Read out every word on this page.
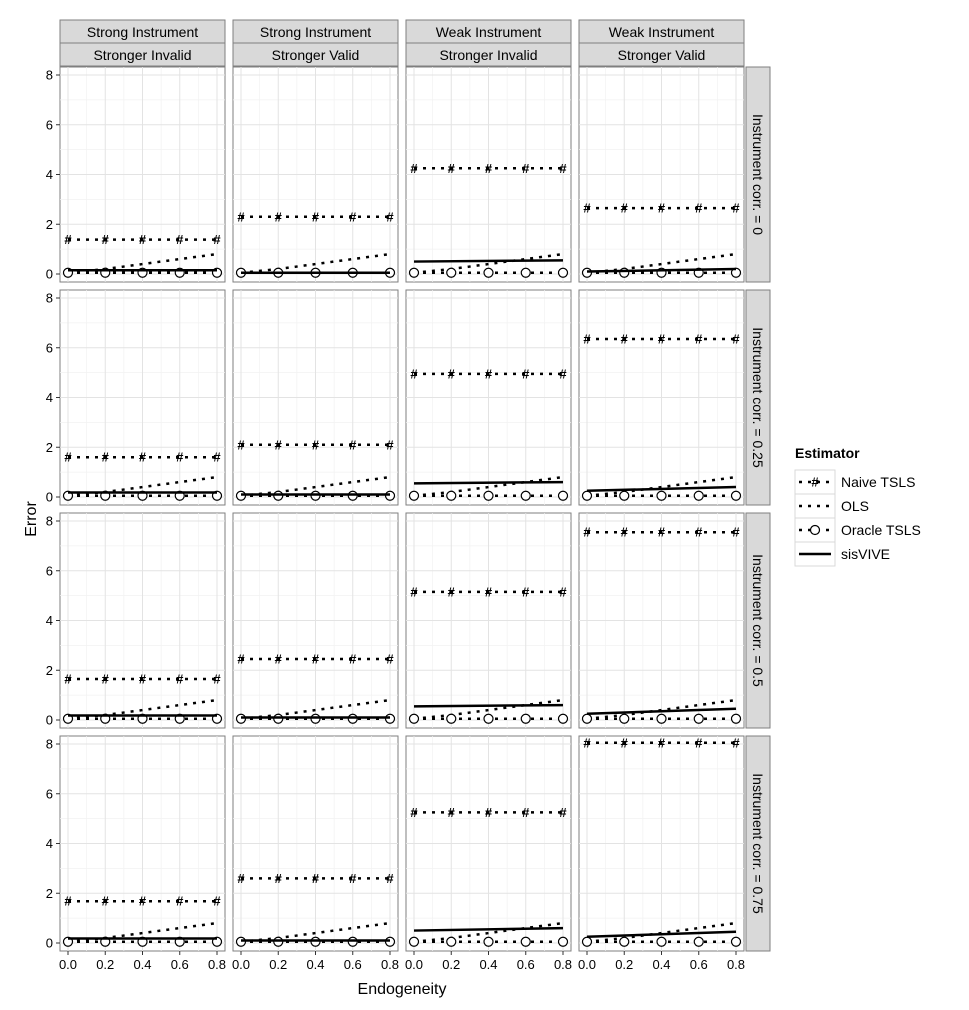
# # # # #
# # # # #
# # # # #
# # # # #
# # # # #
# # # # #
# # # # #
# # # # #
# # # # #
# # # # #
# # # # #
# # # # #
# # # # #
# # # # #
# # # # #
# # # # #
Strong Instrument
Stronger Invalid
Strong Instrument
Stronger Valid
Weak Instrument
Stronger Invalid
Weak Instrument
Stronger Valid
Instrument corr. = 0
Instrument corr. = 0.25
Instrument corr. = 0.5
Instrument corr. = 0.75
0
2
4
6
8
0
2
4
6
8
0
2
4
6
8
0
2
4
6
8
0.0 0.2 0.4 0.6 0.8 0.0 0.2 0.4 0.6 0.8 0.0 0.2 0.4 0.6 0.8 0.0 0.2 0.4 0.6 0.8
Error
Endogeneity
Estimator
# Naive TSLS
OLS
Oracle TSLS
sisVIVE
